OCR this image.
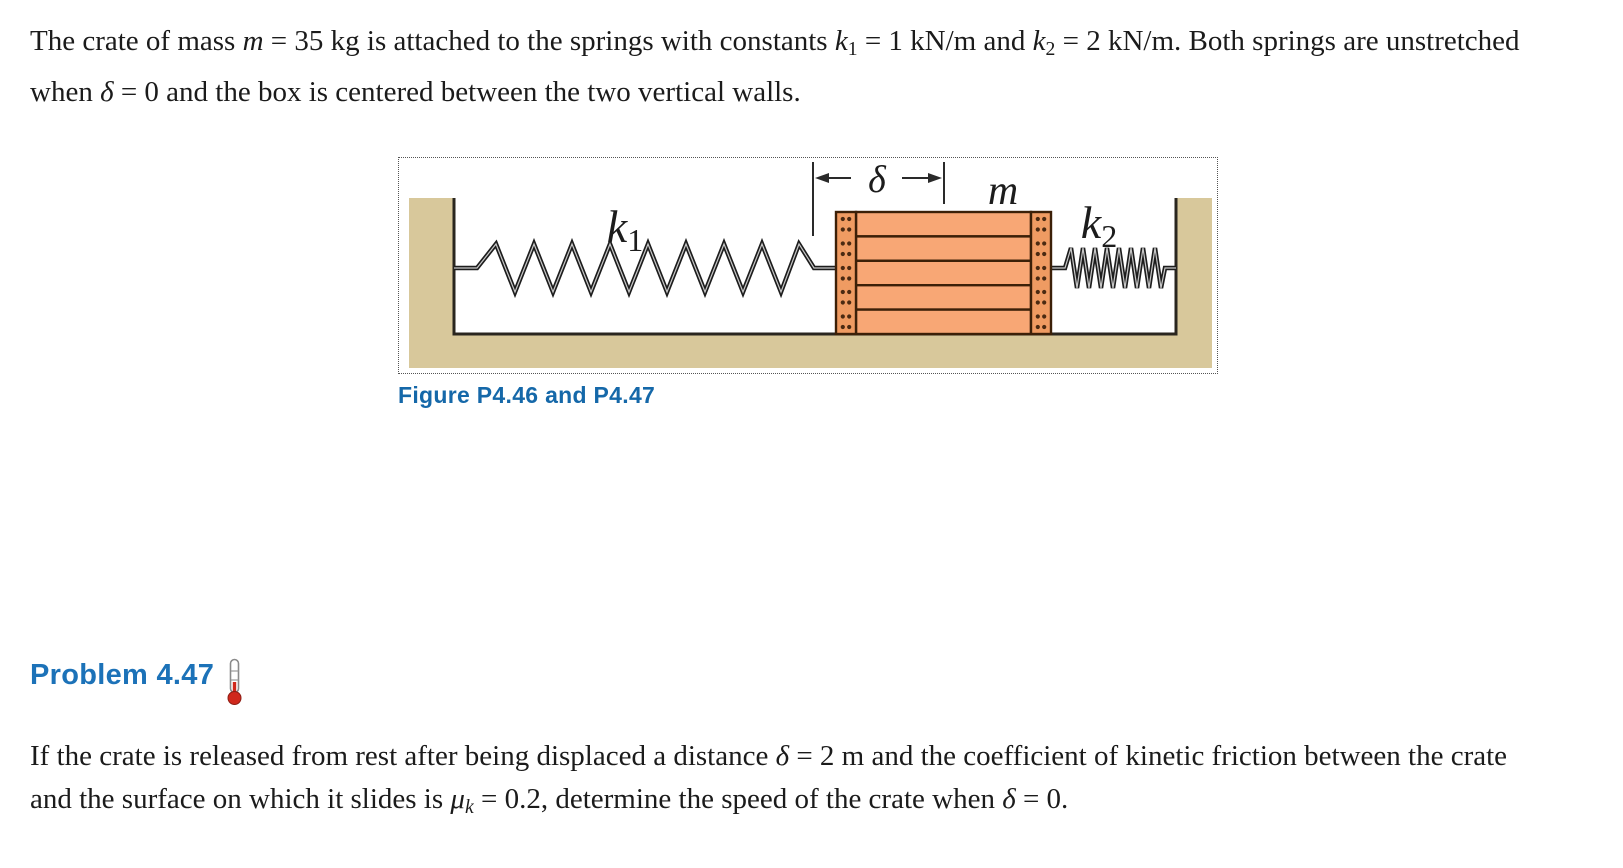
The crate of mass m = 35 kg is attached to the springs with constants k1 = 1 kN/m and k2 = 2 kN/m. Both springs are unstretched
when δ = 0 and the box is centered between the two vertical walls.
δ m
k1	k2
Figure P4.46 and P4.47
Problem 4.47
If the crate is released from rest after being displaced a distance δ = 2 m and the coefficient of kinetic friction between the crate
and the surface on which it slides is μk = 0.2, determine the speed of the crate when δ = 0.
